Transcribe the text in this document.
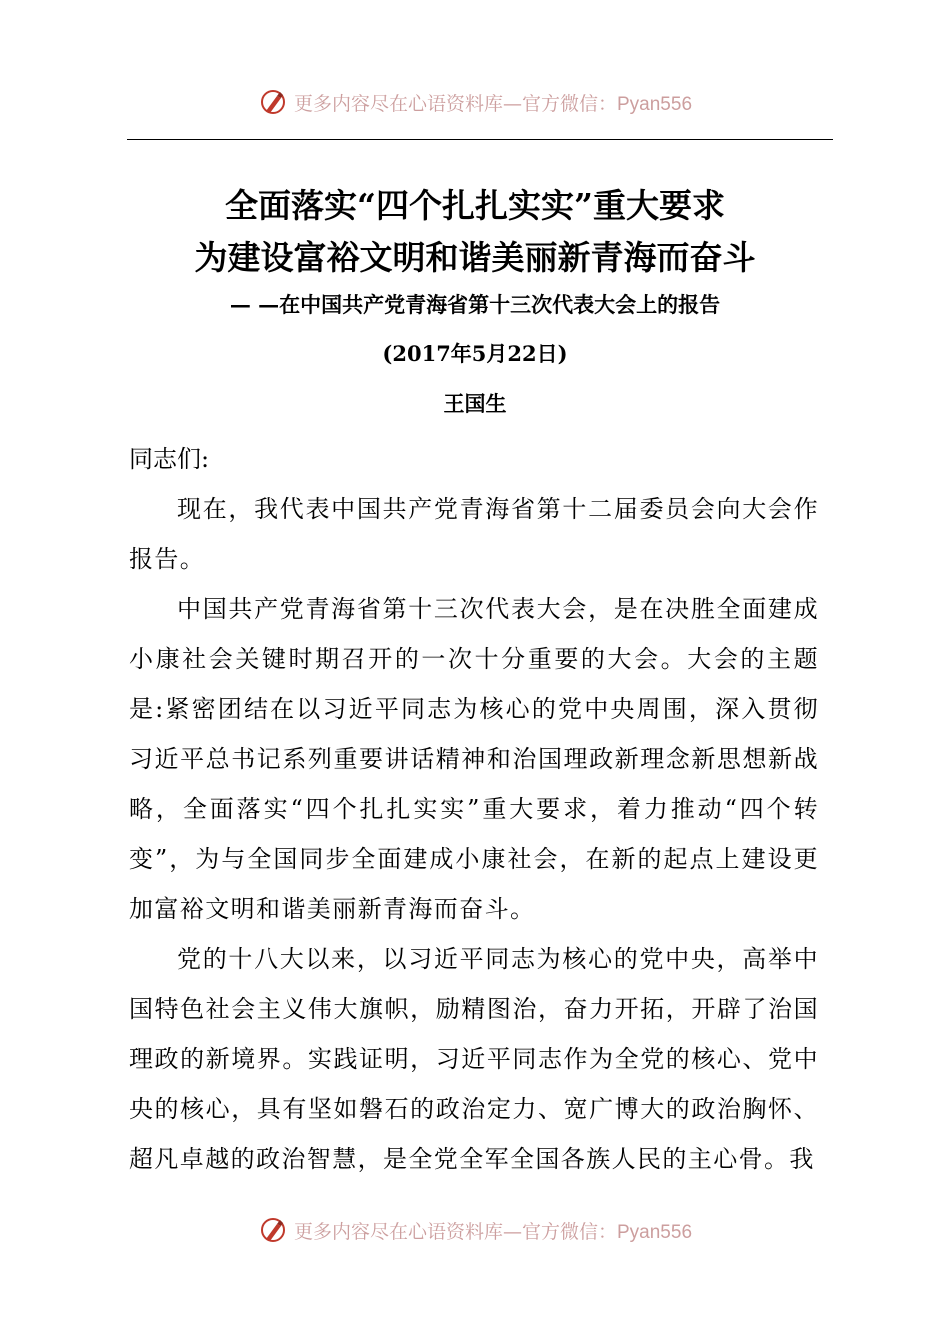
更多内容尽在心语资料库—官方微信：Pyan556
全面落实“四个扎扎实实”重大要求
为建设富裕文明和谐美丽新青海而奋斗
— —在中国共产党青海省第十三次代表大会上的报告
(2017年5月22日)
王国生

同志们:

现在，我代表中国共产党青海省第十二届委员会向大会作报告。

中国共产党青海省第十三次代表大会，是在决胜全面建成小康社会关键时期召开的一次十分重要的大会。大会的主题是:紧密团结在以习近平同志为核心的党中央周围，深入贯彻习近平总书记系列重要讲话精神和治国理政新理念新思想新战略，全面落实“四个扎扎实实”重大要求，着力推动“四个转变”，为与全国同步全面建成小康社会，在新的起点上建设更加富裕文明和谐美丽新青海而奋斗。

党的十八大以来，以习近平同志为核心的党中央，高举中国特色社会主义伟大旗帜，励精图治，奋力开拓，开辟了治国理政的新境界。实践证明，习近平同志作为全党的核心、党中央的核心，具有坚如磐石的政治定力、宽广博大的政治胸怀、超凡卓越的政治智慧，是全党全军全国各族人民的主心骨。我

更多内容尽在心语资料库—官方微信：Pyan556
